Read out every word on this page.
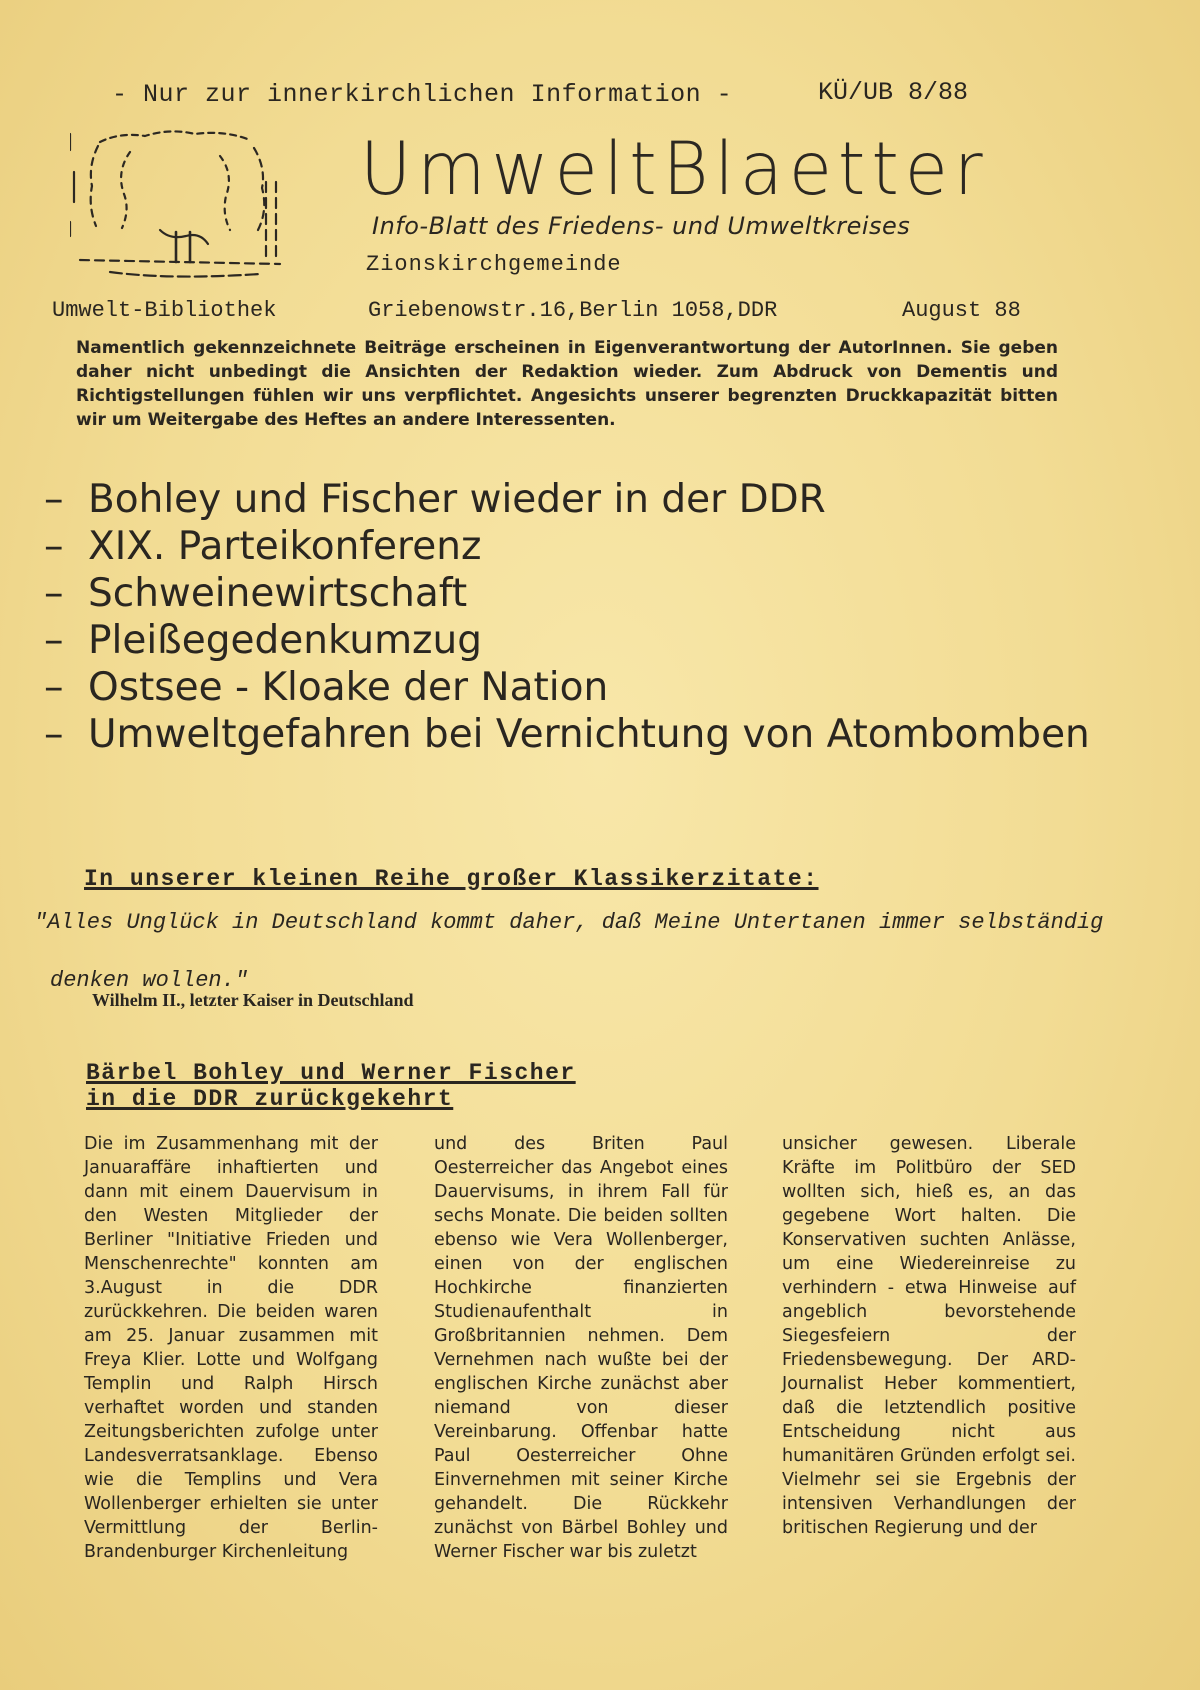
- Nur zur innerkirchlichen Information -	KÜ/UB 8/88
UmweltBlaetter
Info-Blatt des Friedens- und Umweltkreises
Zionskirchgemeinde
Umwelt-Bibliothek	Griebenowstr.16,Berlin 1058,DDR	August 88
Namentlich gekennzeichnete Beiträge erscheinen in Eigenverantwortung der AutorInnen. Sie geben daher nicht unbedingt die Ansichten der Redaktion wieder. Zum Abdruck von Dementis und Richtigstellungen fühlen wir uns verpflichtet. Angesichts unserer begrenzten Druckkapazität bitten wir um Weitergabe des Heftes an andere Interessenten.
– Bohley und Fischer wieder in der DDR
– XIX. Parteikonferenz
– Schweinewirtschaft
– Pleißegedenkumzug
– Ostsee - Kloake der Nation
– Umweltgefahren bei Vernichtung von Atombomben
In unserer kleinen Reihe großer Klassikerzitate:
"Alles Unglück in Deutschland kommt daher, daß Meine Untertanen immer selbständig
denken wollen."
Wilhelm II., letzter Kaiser in Deutschland
Bärbel Bohley und Werner Fischer
in die DDR zurückgekehrt
Die im Zusammenhang mit der Januaraffäre inhaftierten und dann mit einem Dauervisum in den Westen Mitglieder der Berliner "Initiative Frieden und Menschenrechte" konnten am 3.August in die DDR zurückkehren. Die beiden waren am 25. Januar zusammen mit Freya Klier. Lotte und Wolfgang Templin und Ralph Hirsch verhaftet worden und standen Zeitungsberichten zufolge unter Landesverratsanklage. Ebenso wie die Templins und Vera Wollenberger erhielten sie unter Vermittlung der Berlin-Brandenburger Kirchenleitung
und des Briten Paul Oesterreicher das Angebot eines Dauervisums, in ihrem Fall für sechs Monate. Die beiden sollten ebenso wie Vera Wollenberger, einen von der englischen Hochkirche finanzierten Studienaufenthalt in Großbritannien nehmen. Dem Vernehmen nach wußte bei der englischen Kirche zunächst aber niemand von dieser Vereinbarung. Offenbar hatte Paul Oesterreicher Ohne Einvernehmen mit seiner Kirche gehandelt. Die Rückkehr zunächst von Bärbel Bohley und Werner Fischer war bis zuletzt
unsicher gewesen. Liberale Kräfte im Politbüro der SED wollten sich, hieß es, an das gegebene Wort halten. Die Konservativen suchten Anlässe, um eine Wiedereinreise zu verhindern - etwa Hinweise auf angeblich bevorstehende Siegesfeiern der Friedensbewegung. Der ARD-Journalist Heber kommentiert, daß die letztendlich positive Entscheidung nicht aus humanitären Gründen erfolgt sei. Vielmehr sei sie Ergebnis der intensiven Verhandlungen der britischen Regierung und der
